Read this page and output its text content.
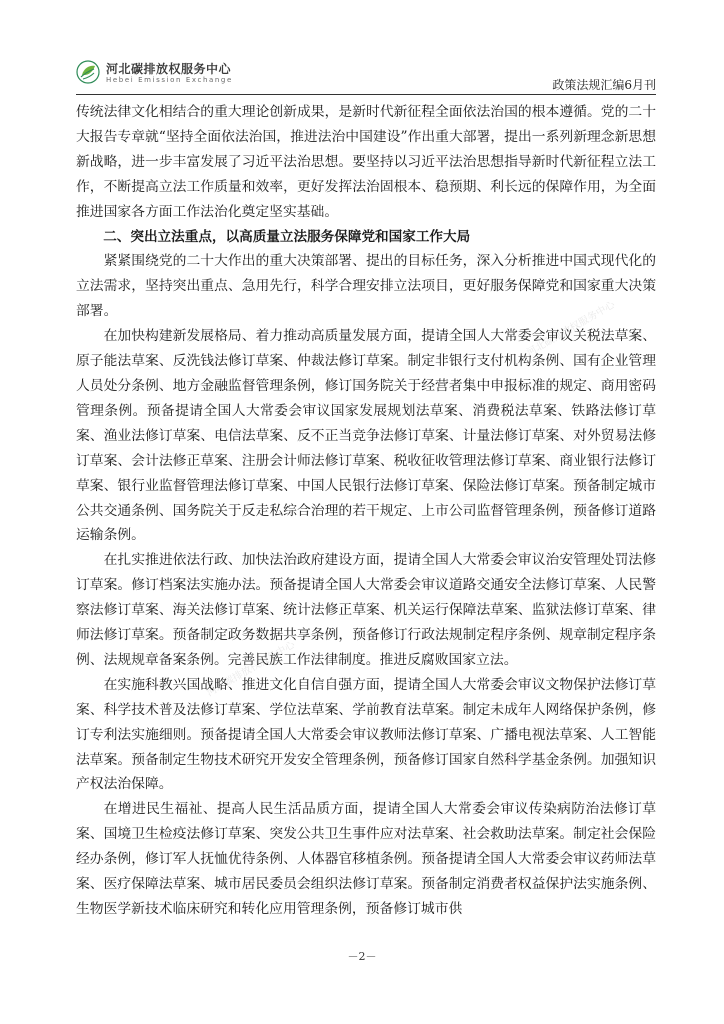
河北碳排放权服务中心
Hebei Emission Exchange	政策法规汇编6月刊
河北碳排放权服务中心
河北碳排放权服务中心

传统法律文化相结合的重大理论创新成果，是新时代新征程全面依法治国的根本遵循。党的二十大报告专章就“坚持全面依法治国，推进法治中国建设”作出重大部署，提出一系列新理念新思想新战略，进一步丰富发展了习近平法治思想。要坚持以习近平法治思想指导新时代新征程立法工作，不断提高立法工作质量和效率，更好发挥法治固根本、稳预期、利长远的保障作用，为全面推进国家各方面工作法治化奠定坚实基础。

二、突出立法重点，以高质量立法服务保障党和国家工作大局

紧紧围绕党的二十大作出的重大决策部署、提出的目标任务，深入分析推进中国式现代化的立法需求，坚持突出重点、急用先行，科学合理安排立法项目，更好服务保障党和国家重大决策部署。

在加快构建新发展格局、着力推动高质量发展方面，提请全国人大常委会审议关税法草案、原子能法草案、反洗钱法修订草案、仲裁法修订草案。制定非银行支付机构条例、国有企业管理人员处分条例、地方金融监督管理条例，修订国务院关于经营者集中申报标准的规定、商用密码管理条例。预备提请全国人大常委会审议国家发展规划法草案、消费税法草案、铁路法修订草案、渔业法修订草案、电信法草案、反不正当竞争法修订草案、计量法修订草案、对外贸易法修订草案、会计法修正草案、注册会计师法修订草案、税收征收管理法修订草案、商业银行法修订草案、银行业监督管理法修订草案、中国人民银行法修订草案、保险法修订草案。预备制定城市公共交通条例、国务院关于反走私综合治理的若干规定、上市公司监督管理条例，预备修订道路运输条例。

在扎实推进依法行政、加快法治政府建设方面，提请全国人大常委会审议治安管理处罚法修订草案。修订档案法实施办法。预备提请全国人大常委会审议道路交通安全法修订草案、人民警察法修订草案、海关法修订草案、统计法修正草案、机关运行保障法草案、监狱法修订草案、律师法修订草案。预备制定政务数据共享条例，预备修订行政法规制定程序条例、规章制定程序条例、法规规章备案条例。完善民族工作法律制度。推进反腐败国家立法。

在实施科教兴国战略、推进文化自信自强方面，提请全国人大常委会审议文物保护法修订草案、科学技术普及法修订草案、学位法草案、学前教育法草案。制定未成年人网络保护条例，修订专利法实施细则。预备提请全国人大常委会审议教师法修订草案、广播电视法草案、人工智能法草案。预备制定生物技术研究开发安全管理条例，预备修订国家自然科学基金条例。加强知识产权法治保障。

在增进民生福祉、提高人民生活品质方面，提请全国人大常委会审议传染病防治法修订草案、国境卫生检疫法修订草案、突发公共卫生事件应对法草案、社会救助法草案。制定社会保险经办条例，修订军人抚恤优待条例、人体器官移植条例。预备提请全国人大常委会审议药师法草案、医疗保障法草案、城市居民委员会组织法修订草案。预备制定消费者权益保护法实施条例、生物医学新技术临床研究和转化应用管理条例，预备修订城市供

－2－
